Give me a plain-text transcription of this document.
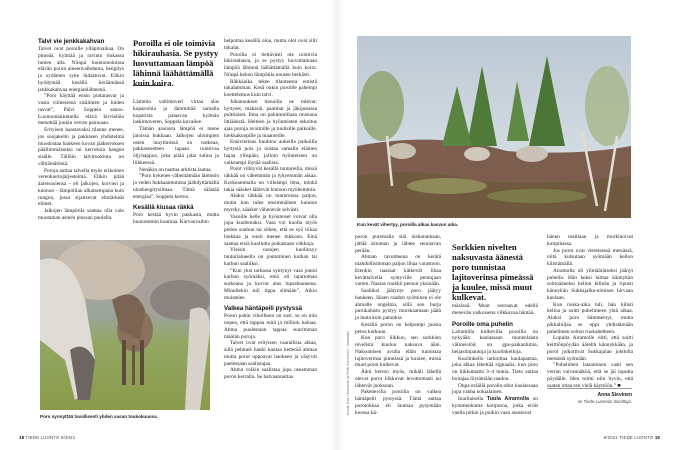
Talvi vie jenkkakahvan

Talvet ovat poroille ylläpitoaikaa. On pimeää, kylmää ja ravinto tiukassa lumen alla. Niinpä luonnonoloissa elävän poron aineenvaihdunta, hengitys ja sydämen syke hidastuvat. Elikin hyödyntää kesällä keräämänsä jenkkakahvaa energianlähteenä.

”Poro käyttää ensin pintarasvat ja vasta viimeisenä sisälinten ja luiden rasvat”, Päivi Soppela sanoo. Luonnonlaitumella elävä hirvieläin menettää jonkin verran painoaan.

Erityisen haastavaksi tilanne menee, jos suojakelin ja pakkasen yhdistelmä muodostaa hankeen kovan jääkerroksen päällimmäiseksi tai kerroksia hangen sisälle. Tällöin talviruokinta on välttämätöntä.

Poroja auttaa talvella myös erikoinen verenkiertojärjestelmä. Elikin pitää ääreisosiensa – eli jalkojen, korvien ja kuonon – lämpötilan alhaisempana kuin rungon, jossa sijaitsevat elintärkeät elimet.

Jalkojen lämpötila saattaa olla vain muutaman asteen plussan puolella.

Poroilla ei ole toimivia hikirauhasia. Se pystyy luovuttamaan lämpöä lähinnä läähättämällä kuin koira.

Lämmin valtimoveri virtaa alas koparoihin ja lämmittää samalla koparista palaavan kylmän laskimoveren, Soppela kuvailee.

Tämän ansiosta lämpöä ei mene jaloissa hukkaan. Jalkojen uloimpien osien luuytimissä on notkeaa, pakkasnesteen tapaan toimivaa öljyhappoa, joka pitää jalat sulina ja liikkeessä.

Nenäkin on taattua arktista laatua.

”Poro kykenee vähentämään lämmön ja veden hukkaantumista jäähdyttämällä uloshengitysilmaa. Tämä säästää energiaa”, Soppela kertoo.

Kesällä kiusaa räkkä

Poro kestää hyvin pakkasta, mutta huonommin kuumaa. Karvanvaihto

helpottaa kesällä oloa, mutta olot ovat silti tukalat.

Poroilla ei tiettävästi ole toimivia hikirauhasia, ja se pystyy luovuttamaan lämpöä lähinnä läähättämällä kuin koira. Niinpä kehon lämpötila nousee herkästi.

Räkkäaika tekee tilanteesta entistä tukalamman. Kesä onkin poroille pahempi koettelemus kuin talvi.

Juhannuksen tienoilla ne tulevat: hyttyset, mäkärät, paarmat ja jäkijunassa polttiaiset. Ilma on pahimmillaan mustana öttiäisistä. Helteen ja hyönteisten sekoitus ajaa poroja avoimille ja tuulisille paikoille, hiekkakuopille ja maanteille.

Ensiviertaus huuhtoo aukeilla paikoilla hyttysiä pois ja nostaa samalla elämen hajaa ylöspäin, jolloin hyönteisten on vaikeampi löytää saalista.

Porot viihtyvät kesällä tuntureilla, missä räkkää on vähemmän ja lyhyemmän aikaa. Korkeammalla on viileämpi ilma, minkä takia sääsket lähtevät lentoon myöhemmin.

Aluksi räkkää on tuntureissa paljon, mutta kun tulee ensimmäinen kunnon myrsky, sääsket vähenevät selvästi.

Vasoille helle ja hyönteiset voivat olla jopa kuolemaksi. Vasa voi kuolla myös pedon suuhun tai siihen, että se syö liikaa hiekkaa ja suoli menee tukkoon. Emä saattaa etsiä kuollutta poikastaan viikkoja.

Yleisin vasojen kuolinsyy tunturialueella on joutuminen kotkan tai karhun saaliiksi.

”Kun yksi tarhassa syntynyt vasa joutui karhun syömäksi, emä oli tajuttoman surkeana ja korvat alas lupsahtaneena. Minullekin tuli tippa silmään”, Aikio muistelee.

Valkea häntäpeili pystyssä

Poron pahin vihollinen on susi: se on niin nopea, että tappaa mitä ja milloin haluaa. Ahma puolestaan tappaa suurimman määrän poroja.

Talvet ovat erityisen vaarallista aikaa, sillä pehmeä hanki kantaa ketterää ahmaa mutta porot uppoavat hankeen ja väsyvät paetessaan saalistajaa.

Ahma voikin saalistaa jopa useamman poron kerralla. Se halvaannuttaa

Poro synnyttää tavallisesti yhden vasan toukokuussa.
18 TIEDE LUONTO 8/2021
Kun kevät vihertyy, poroilla alkaa kasvun aika.
Kuvat: Esa Ylisuvanto ja Pertti Sormunen / Vastavalo

poron puremalla sitä niskarankaan, jättää kituman ja lähtee seuraavan perään.

Ahman tavoitteena on kerätä mahdollisimman paljon lihaa varastoon. Etenkin naaraat kätkevät lihaa kevättalvella syntyville pentujaan varten. Naaras ruokkii pennut yksinään.

Saaliiksi jäätynyt poro jäätyy hankeen. Jäisen raadon syöminen ei ole ahmalle ongelma, sillä sen hurja purukalusto pystyy murskaamaan jäätä ja luuta kuin patonkia.

Kesällä poron on helpompi juosta petoa karkuun.

Kun poro liikkuu, sen sorkkien nivelistä kuuluu naksuva ääni. Naksumisen avulla eläin tunnistaa lajitoverinsa pimeässä ja kuulee, missä muut porot kulkevat.

Ääni kertoo myös, mikäli lähellä olevat porot liikkuvat levottomasti tai lähtevät juoksuun.

Pakenevilla poroilla on valkea häntäpeili pystyssä. Tämä auttaa porotokkaa eli laumaa pysymään koossa hä-

Sorkkien nivelten naksuvasta äänestä poro tunnistaa lajitoverinsa pimeässä ja kuulee, missä muut kulkevat.

märässä. Muut seuraavat edellä menevän valkoisena vilkkuvaa häntää.

Poroille oma puhelin

Laitumilla kulkevilla poroilla on nykyään kaulassaan monenlaista välineistöä: on gps-paikantimia, heijastinpantoja ja kuolinkelloja.

Kuolinkello tarkoittaa kaulapantaa, joka alkaa lähettää signaalia, kun poro on liikkumatta 3–4 tuntia. Tieto auttaa hoitajaa löytämään raadon.

Onpa eräällä porolla ollut kaulassaan jopa vanha nokialainen.

Inarilaisella Tuula Airamolla on kymmenkunta kotiporoa, jotka eivät vaella pitkin ja poikin vaan asustavat

hänen maillaan ja murkinoivat kotipihassa.

Jos porot ovat viereisessä metsässä, niitä kutsutaan syömään kellon kilistämällä.

Airamolla oli ylimääräiseksi jäänyt puhelin. Hän keksi laittaa kännykän soittoääneksi kellon kilinän ja ripusti kännykän Sukkajalka-nimisen hirvaan kaulaan.

Kun ruoka-aika tuli, hän kilisti kelloa ja soitti puhelimeen yhtä aikaa. Aluksi poro hämmentyi, mutta pikkuhiljaa se oppi yhdistämään puhelimen soiton ruokahetkeen.

Lopulta Airamolle riitti, että soitti keittiönpöydän ääreltä kännykkään, ja porot jolkottivat Sukkajalan johdolla metsästä syömään.

”Puhelimen lataaminen vaati sen verran vaivannäköä, että se jäi lopulta pöydälle. Idea toimi niin hyvin, että saatan ottaa sen vielä käyttöön.” ■

Anna Sievinen
on Tiede-Luonnon toimittaja.
8/2021 TIEDE LUONTO 19
